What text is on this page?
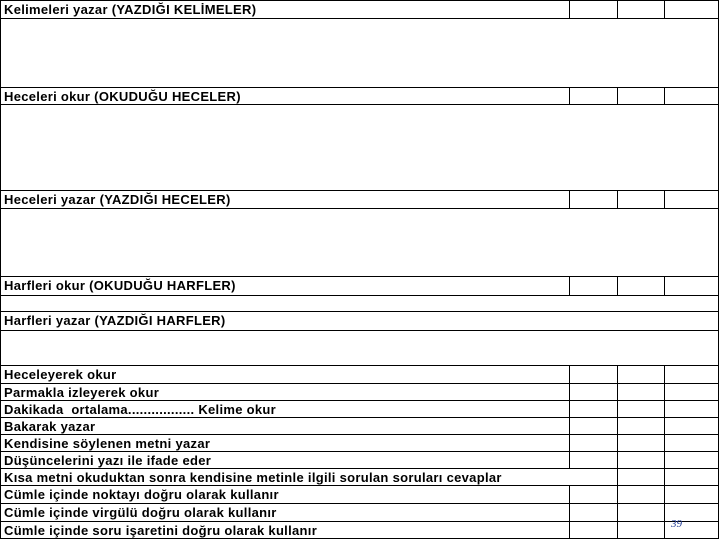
Kelimeleri yazar (YAZDIĞI KELİMELER)
Heceleri okur (OKUDUĞU HECELER)
Heceleri yazar (YAZDIĞI HECELER)
Harfleri okur (OKUDUĞU HARFLER)
Harfleri yazar (YAZDIĞI HARFLER)
Heceleyerek okur
Parmakla izleyerek okur
Dakikada  ortalama................. Kelime okur
Bakarak yazar
Kendisine söylenen metni yazar
Düşüncelerini yazı ile ifade eder
Kısa metni okuduktan sonra kendisine metinle ilgili sorulan soruları cevaplar
Cümle içinde noktayı doğru olarak kullanır
Cümle içinde virgülü doğru olarak kullanır
Cümle içinde soru işaretini doğru olarak kullanır	39
